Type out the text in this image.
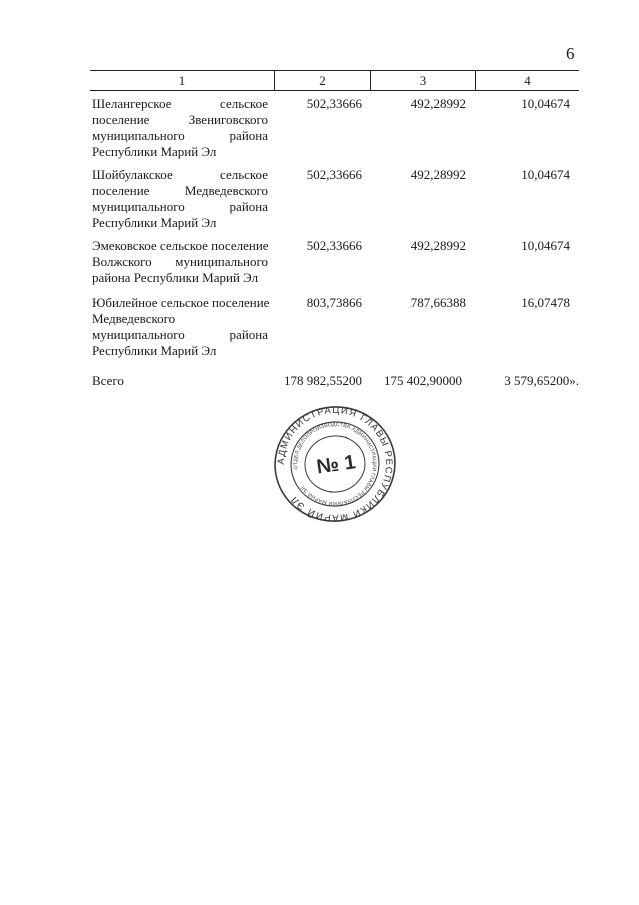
6
1	2	3	4
Шелангерское сельское
поселение Звениговского
муниципального района
Республики Марий Эл
502,33666	492,28992	10,04674
Шойбулакское сельское
поселение Медведевского
муниципального района
Республики Марий Эл
502,33666	492,28992	10,04674
Эмековское сельское поселение
Волжского муниципального
района Республики Марий Эл
502,33666	492,28992	10,04674
Юбилейное сельское поселение
Медведевского
муниципального района
Республики Марий Эл
803,73866	787,66388	16,07478
Всего	178 982,55200	175 402,90000	3 579,65200».
АДМИНИСТРАЦИЯ ГЛАВЫ РЕСПУБЛИКИ МАРИЙ ЭЛ
ОТДЕЛ ДЕЛОПРОИЗВОДСТВА АДМИНИСТРАЦИИ ГЛАВЫ РЕСПУБЛИКИ МАРИЙ ЭЛ
№ 1
